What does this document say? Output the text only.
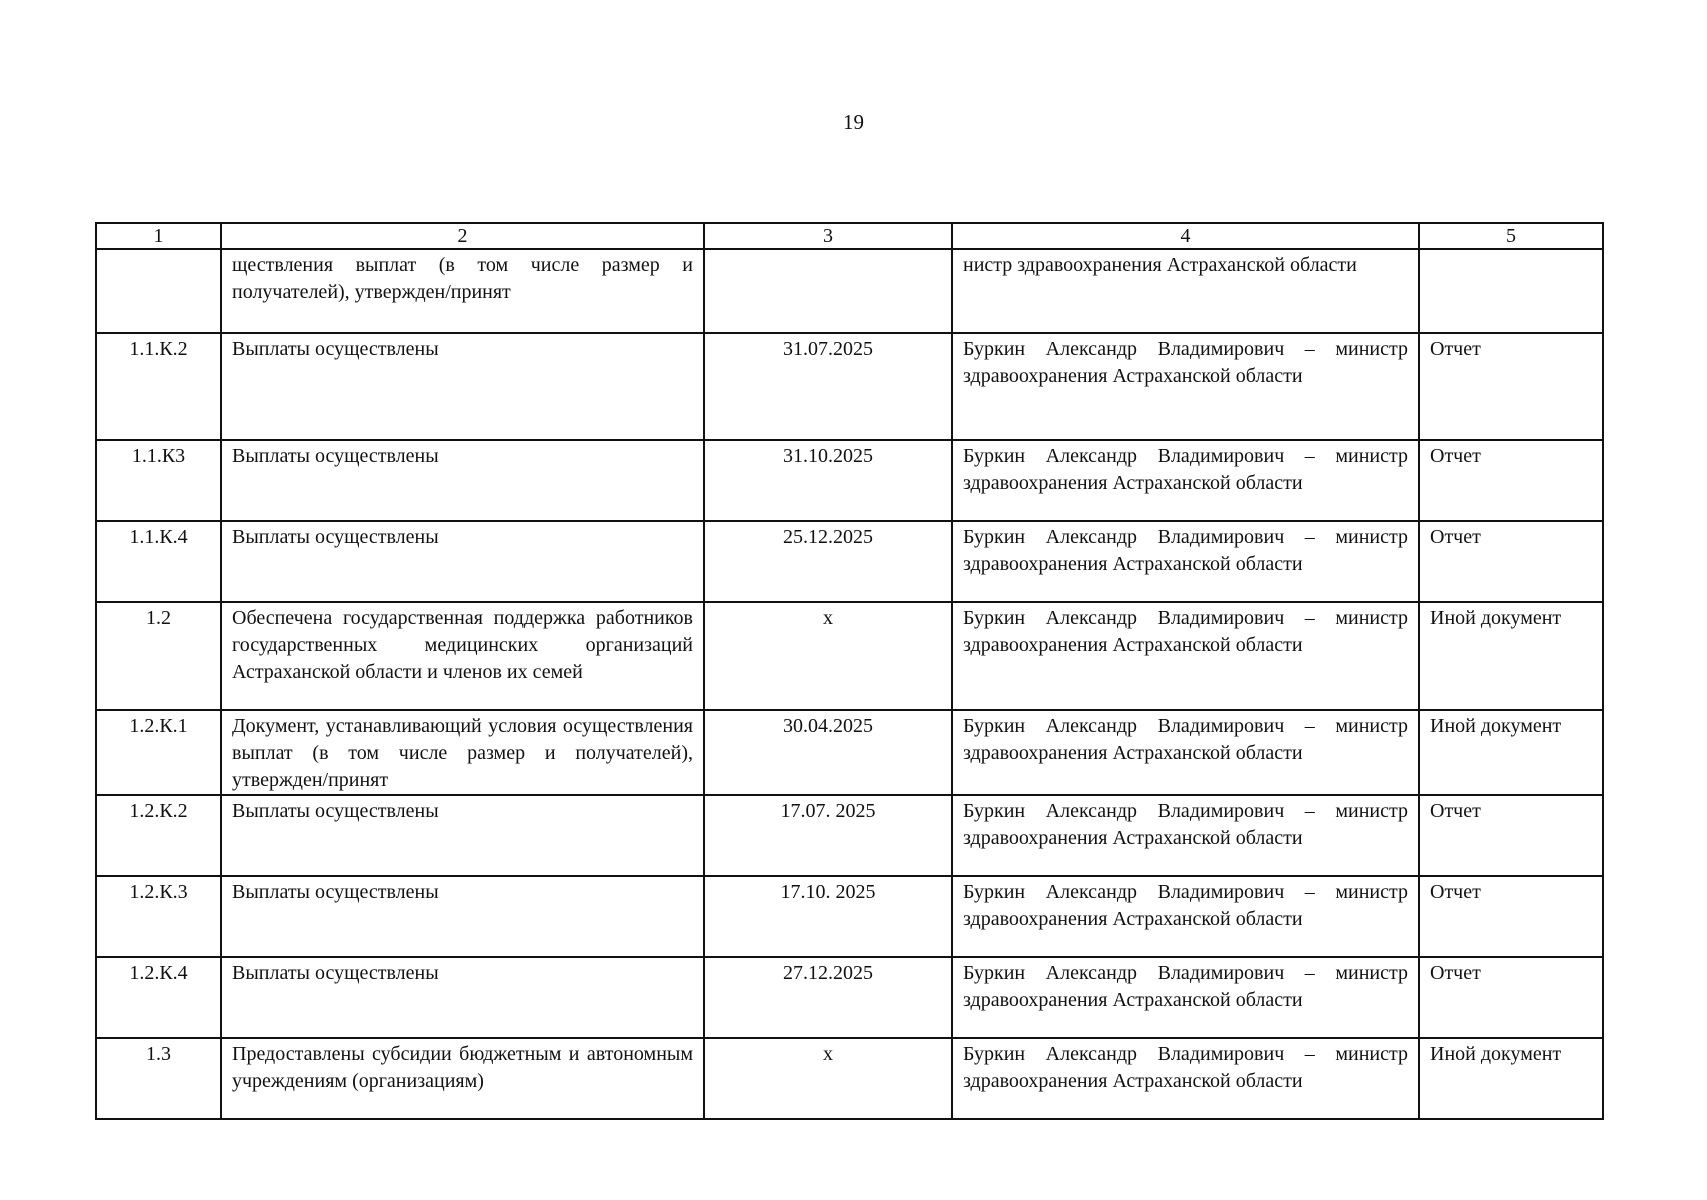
19
1	2	3	4	5
	ществления выплат (в том числе размер и получателей), утвержден/принят		нистр здравоохранения Астраханской области	
1.1.К.2	Выплаты осуществлены	31.07.2025	Буркин Александр Владимирович – министр здравоохранения Астраханской области	Отчет
1.1.К3	Выплаты осуществлены	31.10.2025	Буркин Александр Владимирович – министр здравоохранения Астраханской области	Отчет
1.1.К.4	Выплаты осуществлены	25.12.2025	Буркин Александр Владимирович – министр здравоохранения Астраханской области	Отчет
1.2	Обеспечена государственная поддержка работников государственных медицинских организаций Астраханской области и членов их семей	х	Буркин Александр Владимирович – министр здравоохранения Астраханской области	Иной документ
1.2.К.1	Документ, устанавливающий условия осуществления выплат (в том числе размер и получателей), утвержден/принят	30.04.2025	Буркин Александр Владимирович – министр здравоохранения Астраханской области	Иной документ
1.2.К.2	Выплаты осуществлены	17.07. 2025	Буркин Александр Владимирович – министр здравоохранения Астраханской области	Отчет
1.2.К.3	Выплаты осуществлены	17.10. 2025	Буркин Александр Владимирович – министр здравоохранения Астраханской области	Отчет
1.2.К.4	Выплаты осуществлены	27.12.2025	Буркин Александр Владимирович – министр здравоохранения Астраханской области	Отчет
1.3	Предоставлены субсидии бюджетным и автономным учреждениям (организациям)	х	Буркин Александр Владимирович – министр здравоохранения Астраханской области	Иной документ
